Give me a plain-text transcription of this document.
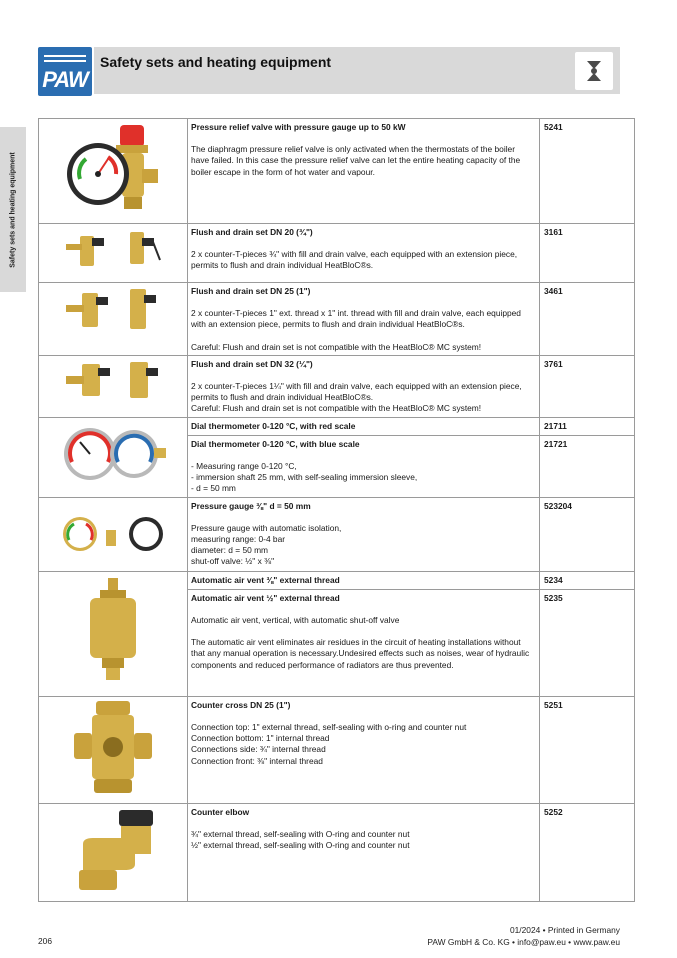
PAW
Safety sets and heating equipment
Safety sets and heating equipment

Pressure relief valve with pressure gauge up to 50 kW
The diaphragm pressure relief valve is only activated when the thermostats of the boiler have failed. In this case the pressure relief valve can let the entire heating capacity of the boiler escape in the form of hot water and vapour.	5241

Flush and drain set DN 20 (¾")
2 x counter-T-pieces ¾" with fill and drain valve, each equipped with an extension piece, permits to flush and drain individual HeatBloC®s.	3161

Flush and drain set DN 25 (1")
2 x counter-T-pieces 1" ext. thread x 1" int. thread with fill and drain valve, each equipped with an extension piece, permits to flush and drain individual HeatBloC®s.
Careful: Flush and drain set is not compatible with the HeatBloC® MC system!	3461

Flush and drain set DN 32 (¼")
2 x counter-T-pieces 1¼" with fill and drain valve, each equipped with an extension piece, permits to flush and drain individual HeatBloC®s.
Careful: Flush and drain set is not compatible with the HeatBloC® MC system!	3761

Dial thermometer 0-120 °C, with red scale	21711

	Dial thermometer 0-120 °C, with blue scale
- Measuring range 0-120 °C,
- immersion shaft 25 mm, with self-sealing immersion sleeve,
- d = 50 mm	21721

Pressure gauge ⅜" d = 50 mm
Pressure gauge with automatic isolation,
measuring range: 0-4 bar
diameter: d = 50 mm
shut-off valve: ½" x ⅜"	523204

Automatic air vent ⅜" external thread	5234

	Automatic air vent ½" external thread
Automatic air vent, vertical, with automatic shut-off valve
The automatic air vent eliminates air residues in the circuit of heating installations without that any manual operation is necessary.Undesired effects such as noises, wear of hydraulic components and reduced performance of radiators are thus prevented.	5235

Counter cross DN 25 (1")
Connection top: 1" external thread, self-sealing with o-ring and counter nut
Connection bottom: 1" internal thread
Connections side: ¾" internal thread
Connection front: ⅜" internal thread	5251

Counter elbow
¾" external thread, self-sealing with O-ring and counter nut
½" external thread, self-sealing with O-ring and counter nut	5252
206
01/2024 • Printed in Germany
PAW GmbH & Co. KG • info@paw.eu • www.paw.eu
